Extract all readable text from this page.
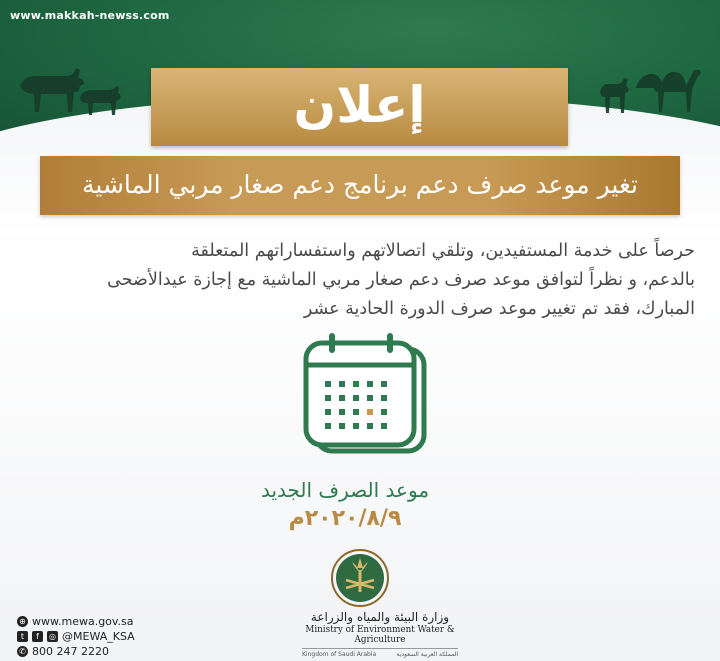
www.makkah-newss.com
إعلان
تغير موعد صرف دعم برنامج دعم صغار مربي الماشية

حرصاً على خدمة المستفيدين، وتلقي اتصالاتهم واستفساراتهم المتعلقة

بالدعم، و نظراً لتوافق موعد صرف دعم صغار مربي الماشية مع إجازة عيدالأضحى

المبارك، فقد تم تغيير موعد صرف الدورة الحادية عشر

موعد الصرف الجديد
٢٠٢٠/٨/٩م
⊕ www.mewa.gov.sa
t	f	◎ @MEWA_KSA
✆ 800 247 2220
وزارة البيئة والمياه والزراعة
Ministry of Environment Water & Agriculture
Kingdom of Saudi Arabia	المملكة العربية السعودية
